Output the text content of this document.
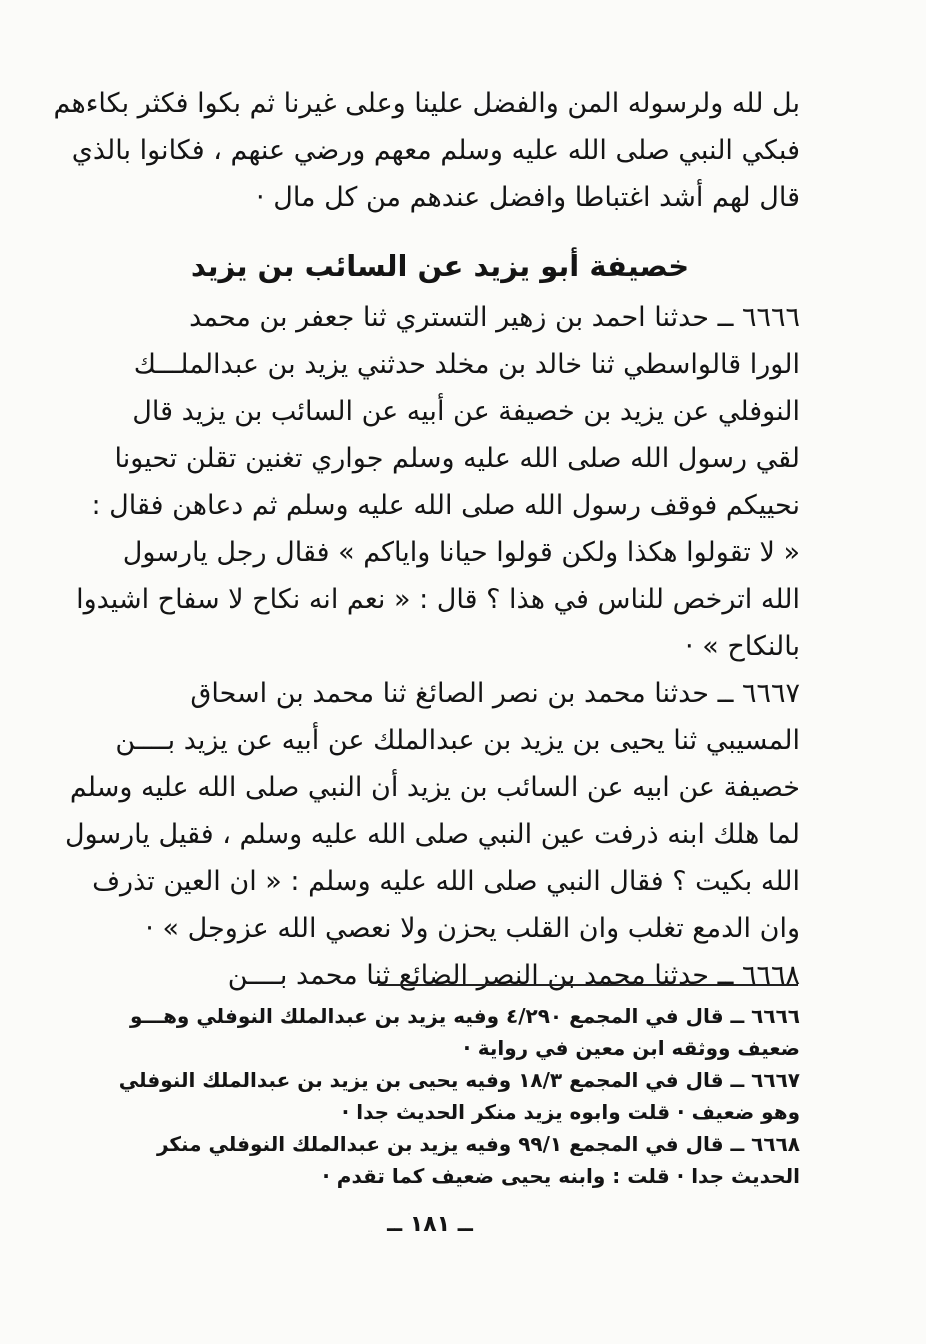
بل لله ولرسوله المن والفضل علينا وعلى غيرنا ثم بكوا فكثر بكاءهم
فبكي النبي صلى الله عليه وسلم معهم ورضي عنهم ، فكانوا بالذي
قال لهم أشد اغتباطا وافضل عندهم من كل مال ·
خصيفة أبو يزيد عن السائب بن يزيد
٦٦٦٦ ــ حدثنا احمد بن زهير التستري ثنا جعفر بن محمد
الورا قالواسطي ثنا خالد بن مخلد حدثني يزيد بن عبدالملـــك
النوفلي عن يزيد بن خصيفة عن أبيه عن السائب بن يزيد قال
لقي رسول الله صلى الله عليه وسلم جواري تغنين تقلن تحيونا
نحييكم فوقف رسول الله صلى الله عليه وسلم ثم دعاهن فقال :
« لا تقولوا هكذا ولكن قولوا حيانا واياكم » فقال رجل يارسول
الله اترخص للناس في هذا ؟ قال : « نعم انه نكاح لا سفاح اشيدوا
بالنكاح » ·
٦٦٦٧ ــ حدثنا محمد بن نصر الصائغ ثنا محمد بن اسحاق
المسيبي ثنا يحيى بن يزيد بن عبدالملك عن أبيه عن يزيد بــــن
خصيفة عن ابيه عن السائب بن يزيد أن النبي صلى الله عليه وسلم
لما هلك ابنه ذرفت عين النبي صلى الله عليه وسلم ، فقيل يارسول
الله بكيت ؟ فقال النبي صلى الله عليه وسلم : « ان العين تذرف
وان الدمع تغلب وان القلب يحزن ولا نعصي الله عزوجل » ·
٦٦٦٨ ــ حدثنا محمد بن النصر الضائع ثنا محمد بــــن
٦٦٦٦ ــ قال في المجمع ٤/٢٩٠ وفيه يزيد بن عبدالملك النوفلي وهـــو
ضعيف ووثقه ابن معين في رواية ·
٦٦٦٧ ــ قال في المجمع ١٨/٣ وفيه يحيى بن يزيد بن عبدالملك النوفلي
وهو ضعيف · قلت وابوه يزيد منكر الحديث جدا ·
٦٦٦٨ ــ قال في المجمع ٩٩/١ وفيه يزيد بن عبدالملك النوفلي منكر
الحديث جدا · قلت : وابنه يحيى ضعيف كما تقدم ·
ــ ١٨١ ــ
